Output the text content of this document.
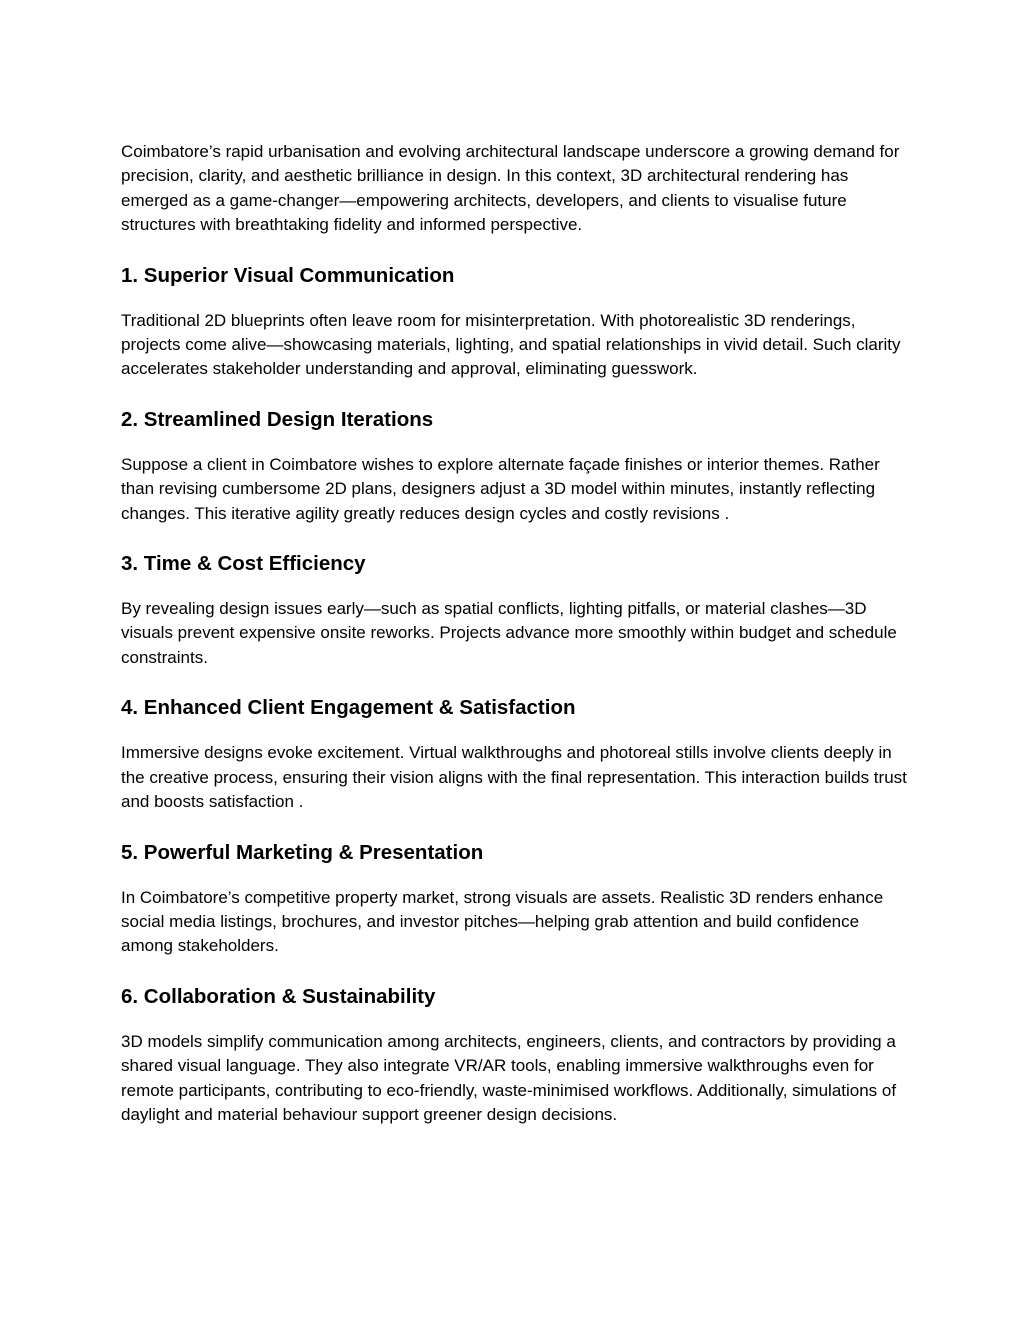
Coimbatore’s rapid urbanisation and evolving architectural landscape underscore a growing demand for precision, clarity, and aesthetic brilliance in design. In this context, 3D architectural rendering has emerged as a game‑changer—empowering architects, developers, and clients to visualise future structures with breathtaking fidelity and informed perspective.

1. Superior Visual Communication

Traditional 2D blueprints often leave room for misinterpretation. With photorealistic 3D renderings, projects come alive—showcasing materials, lighting, and spatial relationships in vivid detail. Such clarity accelerates stakeholder understanding and approval, eliminating guesswork.

2. Streamlined Design Iterations

Suppose a client in Coimbatore wishes to explore alternate façade finishes or interior themes. Rather than revising cumbersome 2D plans, designers adjust a 3D model within minutes, instantly reflecting changes. This iterative agility greatly reduces design cycles and costly revisions .

3. Time & Cost Efficiency

By revealing design issues early—such as spatial conflicts, lighting pitfalls, or material clashes—3D visuals prevent expensive onsite reworks. Projects advance more smoothly within budget and schedule constraints.

4. Enhanced Client Engagement & Satisfaction

Immersive designs evoke excitement. Virtual walkthroughs and photoreal stills involve clients deeply in the creative process, ensuring their vision aligns with the final representation. This interaction builds trust and boosts satisfaction .

5. Powerful Marketing & Presentation

In Coimbatore’s competitive property market, strong visuals are assets. Realistic 3D renders enhance social media listings, brochures, and investor pitches—helping grab attention and build confidence among stakeholders.

6. Collaboration & Sustainability

3D models simplify communication among architects, engineers, clients, and contractors by providing a shared visual language. They also integrate VR/AR tools, enabling immersive walkthroughs even for remote participants, contributing to eco-friendly, waste-minimised workflows. Additionally, simulations of daylight and material behaviour support greener design decisions.
